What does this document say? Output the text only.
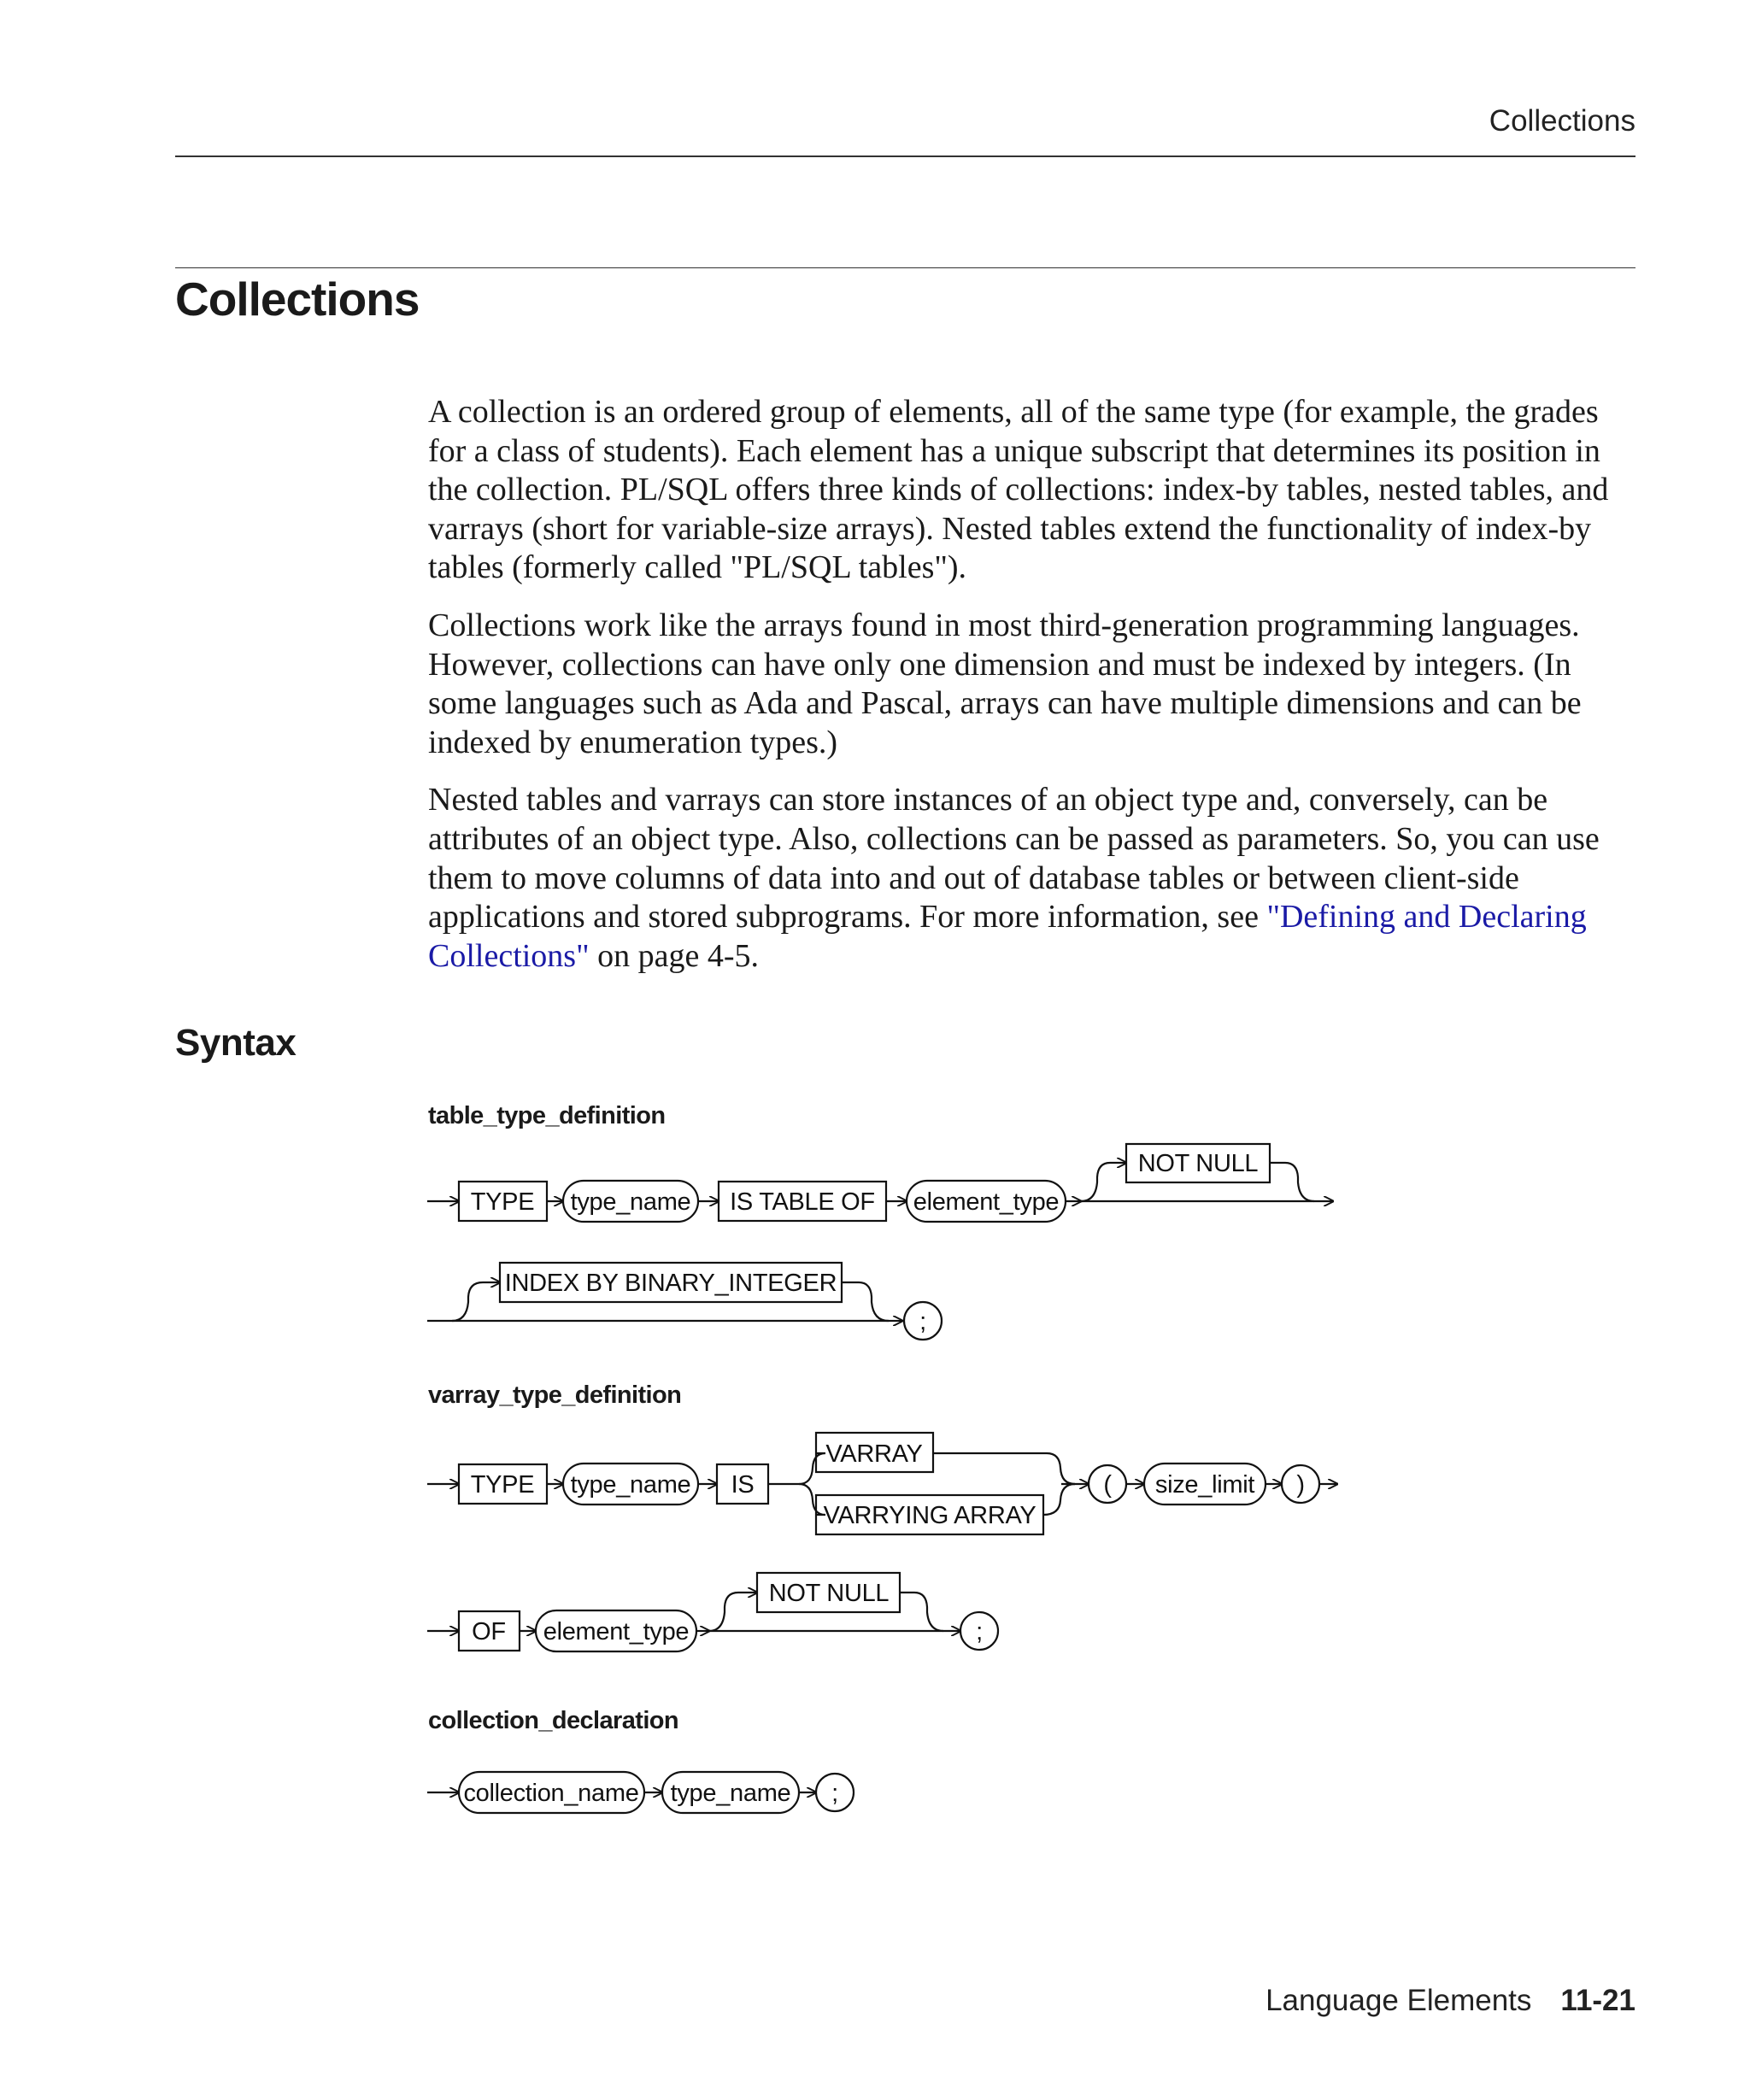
Collections
Collections

A collection is an ordered group of elements, all of the same type (for example, the grades for a class of students). Each element has a unique subscript that determines its position in the collection. PL/SQL offers three kinds of collections: index-by tables, nested tables, and varrays (short for variable-size arrays). Nested tables extend the functionality of index-by tables (formerly called "PL/SQL tables").

Collections work like the arrays found in most third-generation programming languages. However, collections can have only one dimension and must be indexed by integers. (In some languages such as Ada and Pascal, arrays can have multiple dimensions and can be indexed by enumeration types.)

Nested tables and varrays can store instances of an object type and, conversely, can be attributes of an object type. Also, collections can be passed as parameters. So, you can use them to move columns of data into and out of database tables or between client-side applications and stored subprograms. For more information, see "Defining and Declaring Collections" on page 4-5.

Syntax
table_type_definition
varray_type_definition
collection_declaration
TYPE type_name IS TABLE OF element_type
NOT NULL
INDEX BY BINARY_INTEGER
;
TYPE type_name IS
VARRAY
VARRYING ARRAY
( size_limit )
OF element_type
NOT NULL
;
collection_name type_name ;
Language Elements 11-21
